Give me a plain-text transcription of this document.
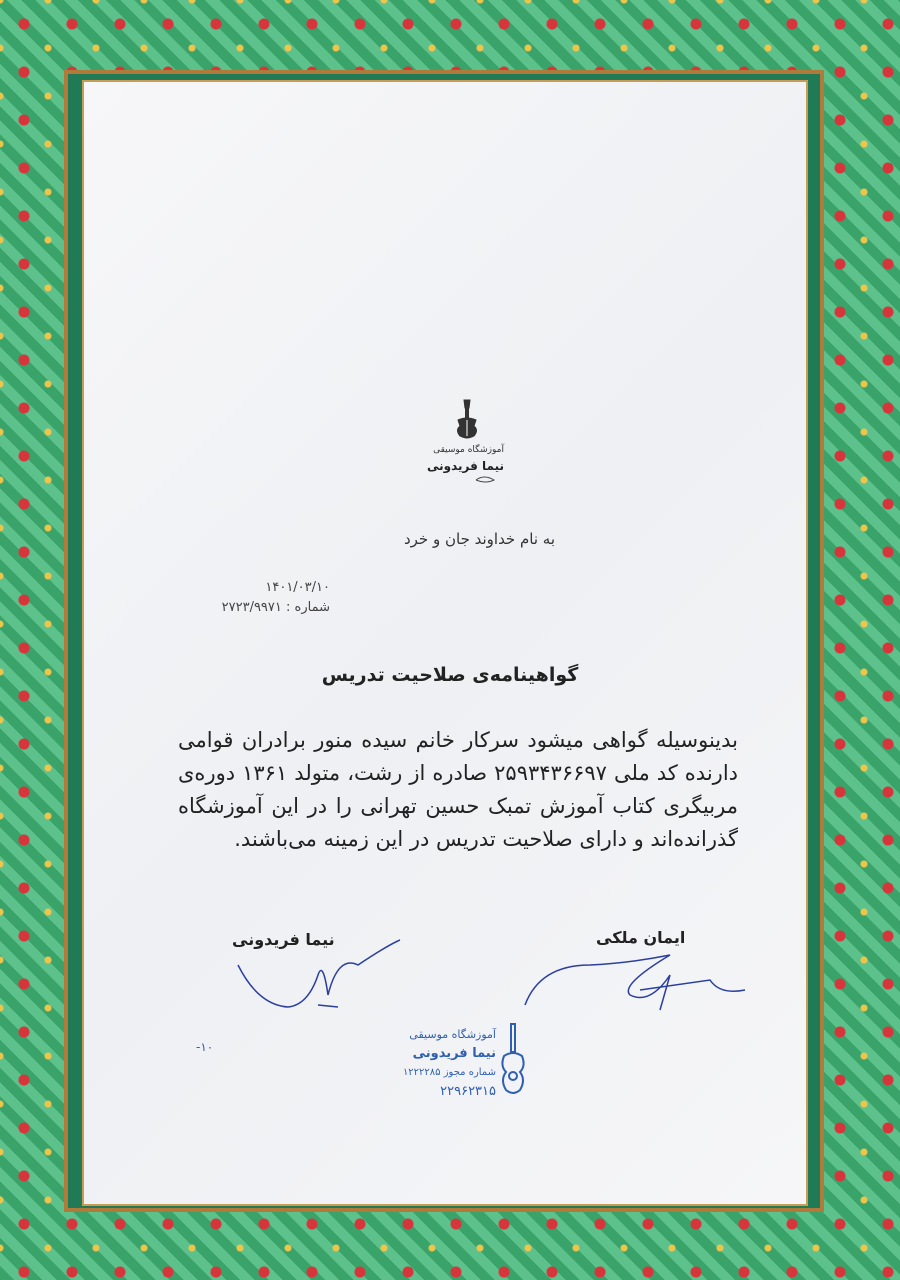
آموزشگاه موسیقی
نیما فریدونی
به نام خداوند جان و خرد
۱۴۰۱/۰۳/۱۰
شماره : ۲۷۲۳/۹۹۷۱
گواهینامه‌ی صلاحیت تدریس
بدینوسیله گواهی میشود سرکار خانم سیده منور برادران قوامی دارنده کد ملی ۲۵۹۳۴۳۶۶۹۷ صادره از رشت، متولد ۱۳۶۱ دوره‌ی مربیگری کتاب آموزش تمبک حسین تهرانی را در این آموزشگاه گذرانده‌اند و دارای صلاحیت تدریس در این زمینه می‌باشند.
نیما فریدونی	ایمان ملکی
-۱۰
آموزشگاه موسیقی
نیما فریدونی
شماره مجوز ۱۲۲۲۲۸۵
۲۲۹۶۲۳۱۵
